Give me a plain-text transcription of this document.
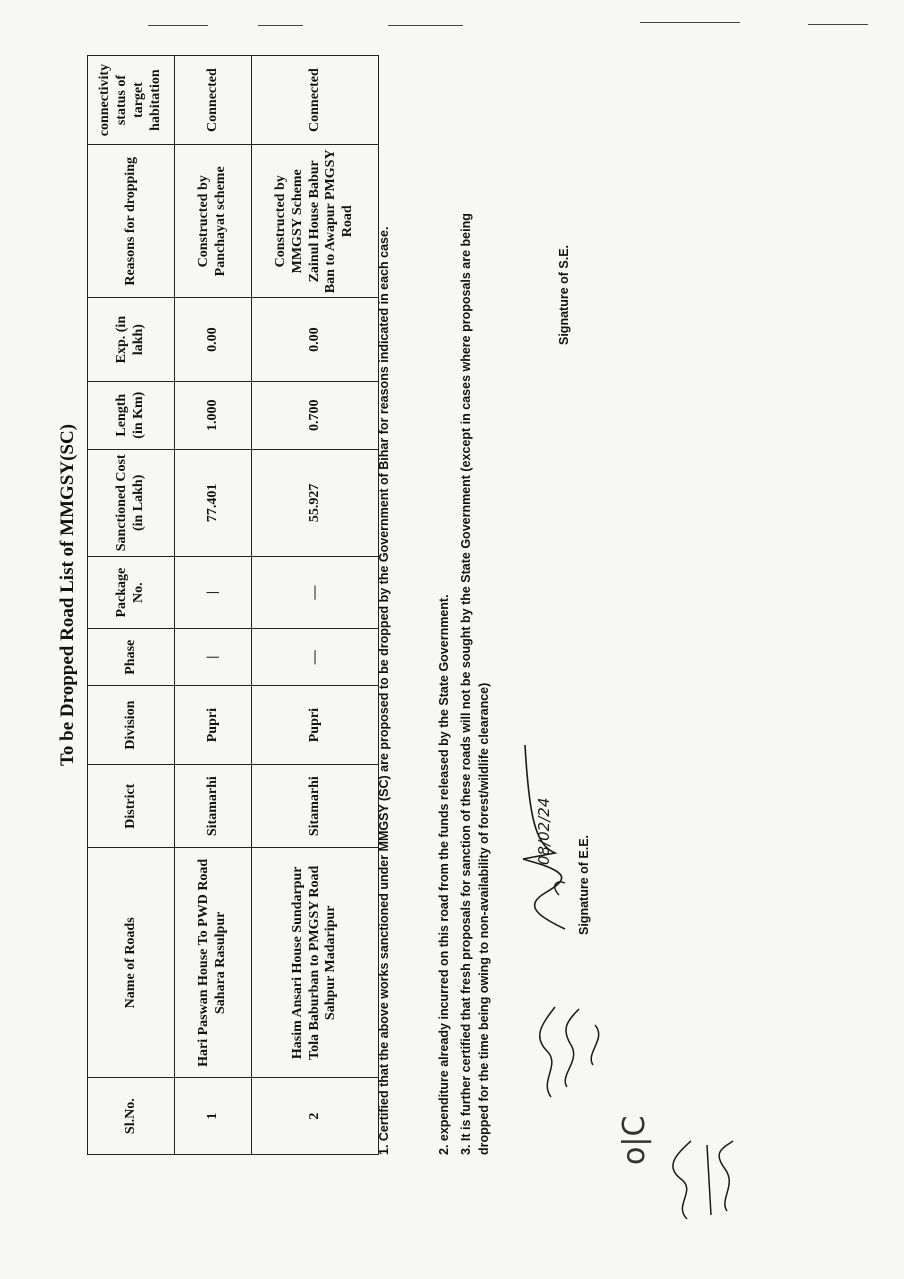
To be Dropped Road List of MMGSY(SC)
Sl.No.	Name of Roads	District	Division	Phase	Package No.	Sanctioned Cost (in Lakh)	Length (in Km)	Exp. (in lakh)	Reasons for dropping	connectivity status of target habitation
1	Hari Paswan House To PWD Road Sahara Rasulpur	Sitamarhi	Pupri	|	|	77.401	1.000	0.00	Constructed by Panchayat scheme	Connected
2	Hasim Ansari House Sundarpur Tola Baburban to PMGSY Road Sahpur Madaripur	Sitamarhi	Pupri	—	—	55.927	0.700	0.00	Constructed by MMGSY Scheme Zainul House Babur Ban to Awapur PMGSY Road	Connected
1. Certified that the above works sanctioned under MMGSY (SC) are proposed to be dropped by the Government of Bihar for reasons indicated in each case.	2. expenditure already incurred on this road from the funds released by the State Government. 3. It is further certified that fresh proposals for sanction of these roads will not be sought by the State Government (except in cases where proposals are being dropped for the time being owing to non-availability of forest/wildlife clearance)	Signature of E.E.
Signature of S.E.
08/02/24
o|C
